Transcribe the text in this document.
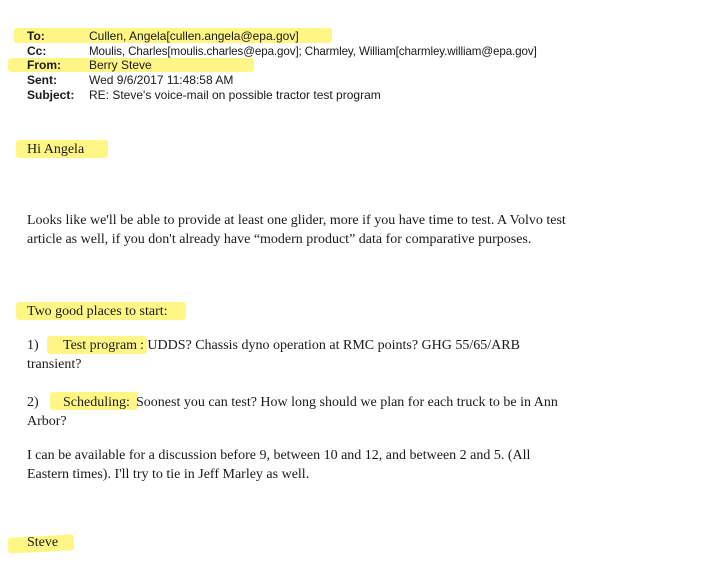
To:	Cullen, Angela[cullen.angela@epa.gov]
Cc:	Moulis, Charles[moulis.charles@epa.gov]; Charmley, William[charmley.william@epa.gov]
From: Berry Steve
Sent:	Wed 9/6/2017 11:48:58 AM
Subject: RE: Steve's voice-mail on possible tractor test program
Hi Angela
Looks like we'll be able to provide at least one glider, more if you have time to test. A Volvo test
article as well, if you don't already have “modern product” data for comparative purposes.
Two good places to start:
1) Test program : UDDS? Chassis dyno operation at RMC points? GHG 55/65/ARB
transient?
2) Scheduling: Soonest you can test? How long should we plan for each truck to be in Ann
Arbor?
I can be available for a discussion before 9, between 10 and 12, and between 2 and 5. (All
Eastern times). I'll try to tie in Jeff Marley as well.
Steve
